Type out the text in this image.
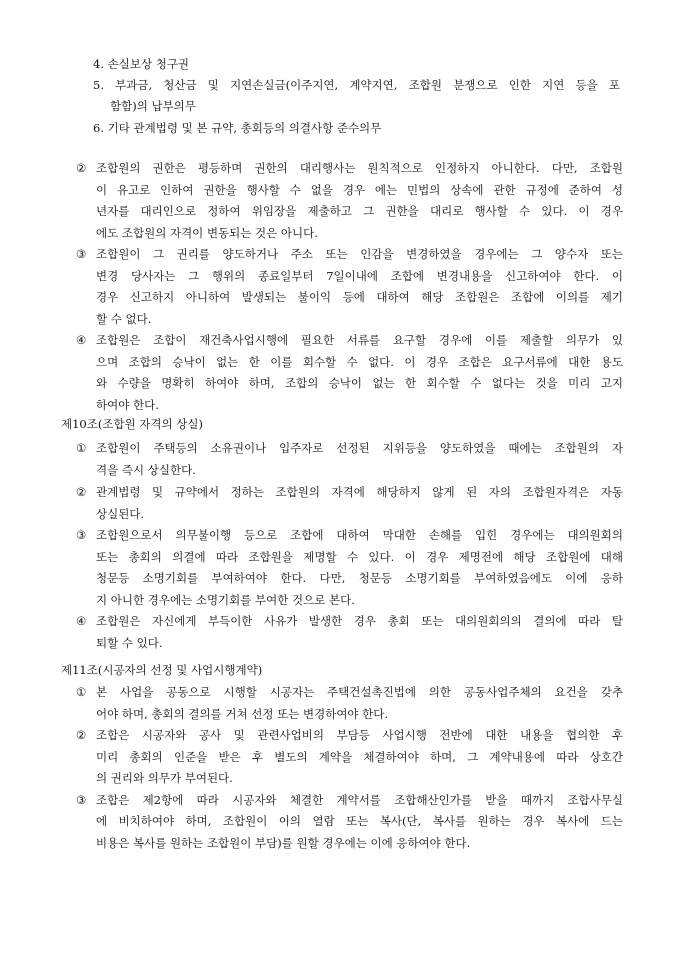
4. 손실보상 청구권
5. 부과금, 청산금 및 지연손실금(이주지연, 계약지연, 조합원 분쟁으로 인한 지연 등을 포
함함)의 납부의무
6. 기타 관계법령 및 본 규약, 총회등의 의결사항 준수의무
② 조합원의 권한은 평등하며 권한의 대리행사는 원칙적으로 인정하지 아니한다. 다만, 조합원
이 유고로 인하여 권한을 행사할 수 없을 경우 에는 민법의 상속에 관한 규정에 준하여 성
년자를 대리인으로 정하여 위임장을 제출하고 그 권한을 대리로 행사할 수 있다. 이 경우
에도 조합원의 자격이 변동되는 것은 아니다.
③ 조합원이 그 권리를 양도하거나 주소 또는 인감을 변경하였을 경우에는 그 양수자 또는
변경 당사자는 그 행위의 종료일부터 7일이내에 조합에 변경내용을 신고하여야 한다. 이
경우 신고하지 아니하여 발생되는 불이익 등에 대하여 해당 조합원은 조합에 이의를 제기
할 수 없다.
④ 조합원은 조합이 재건축사업시행에 필요한 서류를 요구할 경우에 이를 제출할 의무가 있
으며 조합의 승낙이 없는 한 이를 회수할 수 없다. 이 경우 조합은 요구서류에 대한 용도
와 수량을 명확히 하여야 하며, 조합의 승낙이 없는 한 회수할 수 없다는 것을 미리 고지
하여야 한다.
제10조(조합원 자격의 상실)
① 조합원이 주택등의 소유권이나 입주자로 선정된 지위등을 양도하였을 때에는 조합원의 자
격을 즉시 상실한다.
② 관계법령 및 규약에서 정하는 조합원의 자격에 해당하지 않게 된 자의 조합원자격은 자동
상실된다.
③ 조합원으로서 의무불이행 등으로 조합에 대하여 막대한 손해를 입힌 경우에는 대의원회의
또는 총회의 의결에 따라 조합원을 제명할 수 있다. 이 경우 제명전에 해당 조합원에 대해
청문등 소명기회를 부여하여야 한다. 다만, 청문등 소명기회를 부여하였음에도 이에 응하
지 아니한 경우에는 소명기회를 부여한 것으로 본다.
④ 조합원은 자신에게 부득이한 사유가 발생한 경우 총회 또는 대의원회의의 결의에 따라 탈
퇴할 수 있다.
제11조(시공자의 선정 및 사업시행계약)
① 본 사업을 공동으로 시행할 시공자는 주택건설촉진법에 의한 공동사업주체의 요건을 갖추
어야 하며, 총회의 결의를 거쳐 선정 또는 변경하여야 한다.
② 조합은 시공자와 공사 및 관련사업비의 부담등 사업시행 전반에 대한 내용을 협의한 후
미리 총회의 인준을 받은 후 별도의 계약을 체결하여야 하며, 그 계약내용에 따라 상호간
의 권리와 의무가 부여된다.
③ 조합은 제2항에 따라 시공자와 체결한 계약서를 조합해산인가를 받을 때까지 조합사무실
에 비치하여야 하며, 조합원이 이의 열람 또는 복사(단, 복사를 원하는 경우 복사에 드는
비용은 복사를 원하는 조합원이 부담)를 원할 경우에는 이에 응하여야 한다.
